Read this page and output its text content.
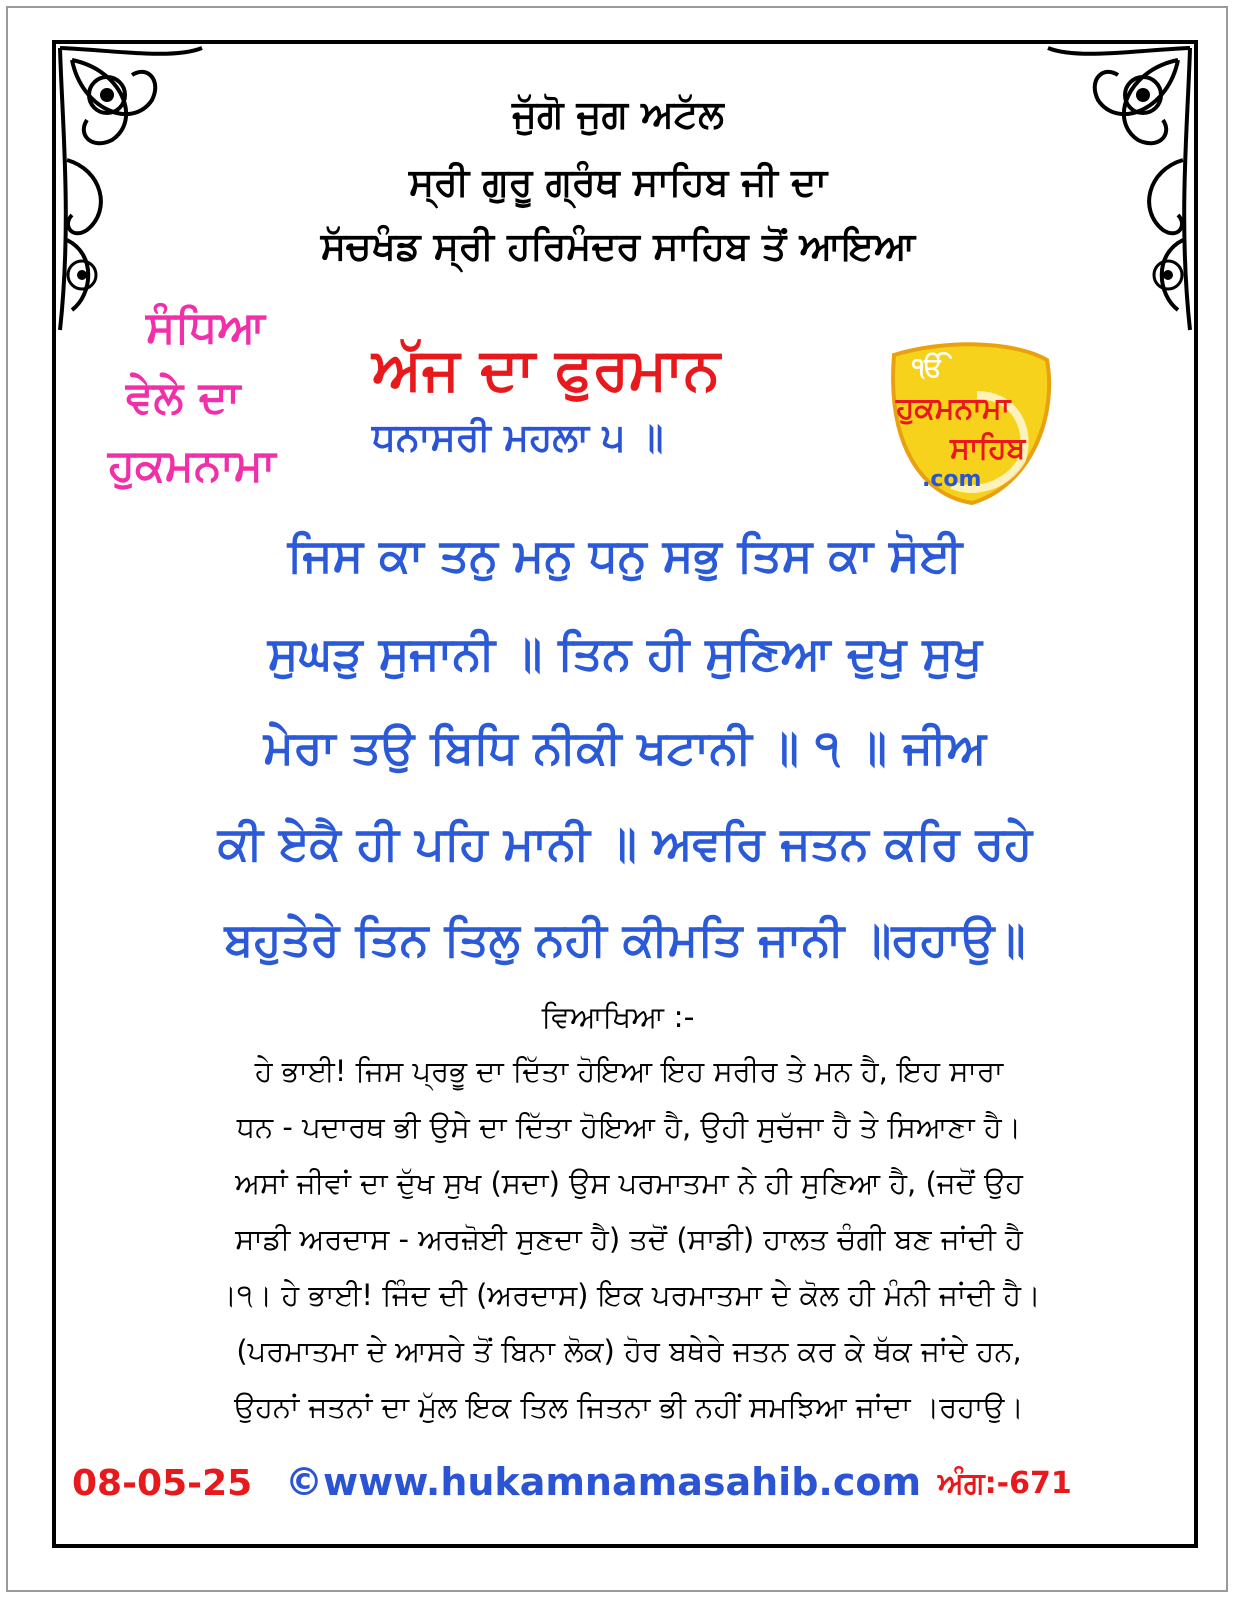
ਜੁੱਗੋ ਜੁਗ ਅਟੱਲ
ਸ੍ਰੀ ਗੁਰੂ ਗ੍ਰੰਥ ਸਾਹਿਬ ਜੀ ਦਾ
ਸੱਚਖੰਡ ਸ੍ਰੀ ਹਰਿਮੰਦਰ ਸਾਹਿਬ ਤੋਂ ਆਇਆ
ਸੰਧਿਆ
ਵੇਲੇ ਦਾ
ਹੁਕਮਨਾਮਾ
ਅੱਜ ਦਾ ਫੁਰਮਾਨ
ਧਨਾਸਰੀ ਮਹਲਾ ੫ ॥
ੴ
ਹੁਕਮਨਾਮਾ
ਸਾਹਿਬ
.com
ਜਿਸ ਕਾ ਤਨੁ ਮਨੁ ਧਨੁ ਸਭੁ ਤਿਸ ਕਾ ਸੋਈ
ਸੁਘੜੁ ਸੁਜਾਨੀ ॥ ਤਿਨ ਹੀ ਸੁਣਿਆ ਦੁਖੁ ਸੁਖੁ
ਮੇਰਾ ਤਉ ਬਿਧਿ ਨੀਕੀ ਖਟਾਨੀ ॥ ੧ ॥ ਜੀਅ
ਕੀ ਏਕੈ ਹੀ ਪਹਿ ਮਾਨੀ ॥ ਅਵਰਿ ਜਤਨ ਕਰਿ ਰਹੇ
ਬਹੁਤੇਰੇ ਤਿਨ ਤਿਲੁ ਨਹੀ ਕੀਮਤਿ ਜਾਨੀ ॥ਰਹਾਉ॥
ਵਿਆਖਿਆ :-
ਹੇ ਭਾਈ! ਜਿਸ ਪ੍ਰਭੂ ਦਾ ਦਿੱਤਾ ਹੋਇਆ ਇਹ ਸਰੀਰ ਤੇ ਮਨ ਹੈ, ਇਹ ਸਾਰਾ
ਧਨ - ਪਦਾਰਥ ਭੀ ਉਸੇ ਦਾ ਦਿੱਤਾ ਹੋਇਆ ਹੈ, ਉਹੀ ਸੁਚੱਜਾ ਹੈ ਤੇ ਸਿਆਣਾ ਹੈ।
ਅਸਾਂ ਜੀਵਾਂ ਦਾ ਦੁੱਖ ਸੁਖ (ਸਦਾ) ਉਸ ਪਰਮਾਤਮਾ ਨੇ ਹੀ ਸੁਣਿਆ ਹੈ, (ਜਦੋਂ ਉਹ
ਸਾਡੀ ਅਰਦਾਸ - ਅਰਜ਼ੋਈ ਸੁਣਦਾ ਹੈ) ਤਦੋਂ (ਸਾਡੀ) ਹਾਲਤ ਚੰਗੀ ਬਣ ਜਾਂਦੀ ਹੈ
।੧। ਹੇ ਭਾਈ! ਜਿੰਦ ਦੀ (ਅਰਦਾਸ) ਇਕ ਪਰਮਾਤਮਾ ਦੇ ਕੋਲ ਹੀ ਮੰਨੀ ਜਾਂਦੀ ਹੈ।
(ਪਰਮਾਤਮਾ ਦੇ ਆਸਰੇ ਤੋਂ ਬਿਨਾ ਲੋਕ) ਹੋਰ ਬਥੇਰੇ ਜਤਨ ਕਰ ਕੇ ਥੱਕ ਜਾਂਦੇ ਹਨ,
ਉਹਨਾਂ ਜਤਨਾਂ ਦਾ ਮੁੱਲ ਇਕ ਤਿਲ ਜਿਤਨਾ ਭੀ ਨਹੀਂ ਸਮਝਿਆ ਜਾਂਦਾ ।ਰਹਾਉ।
08-05-25 ©www.hukamnamasahib.com ਅੰਗ:-671
